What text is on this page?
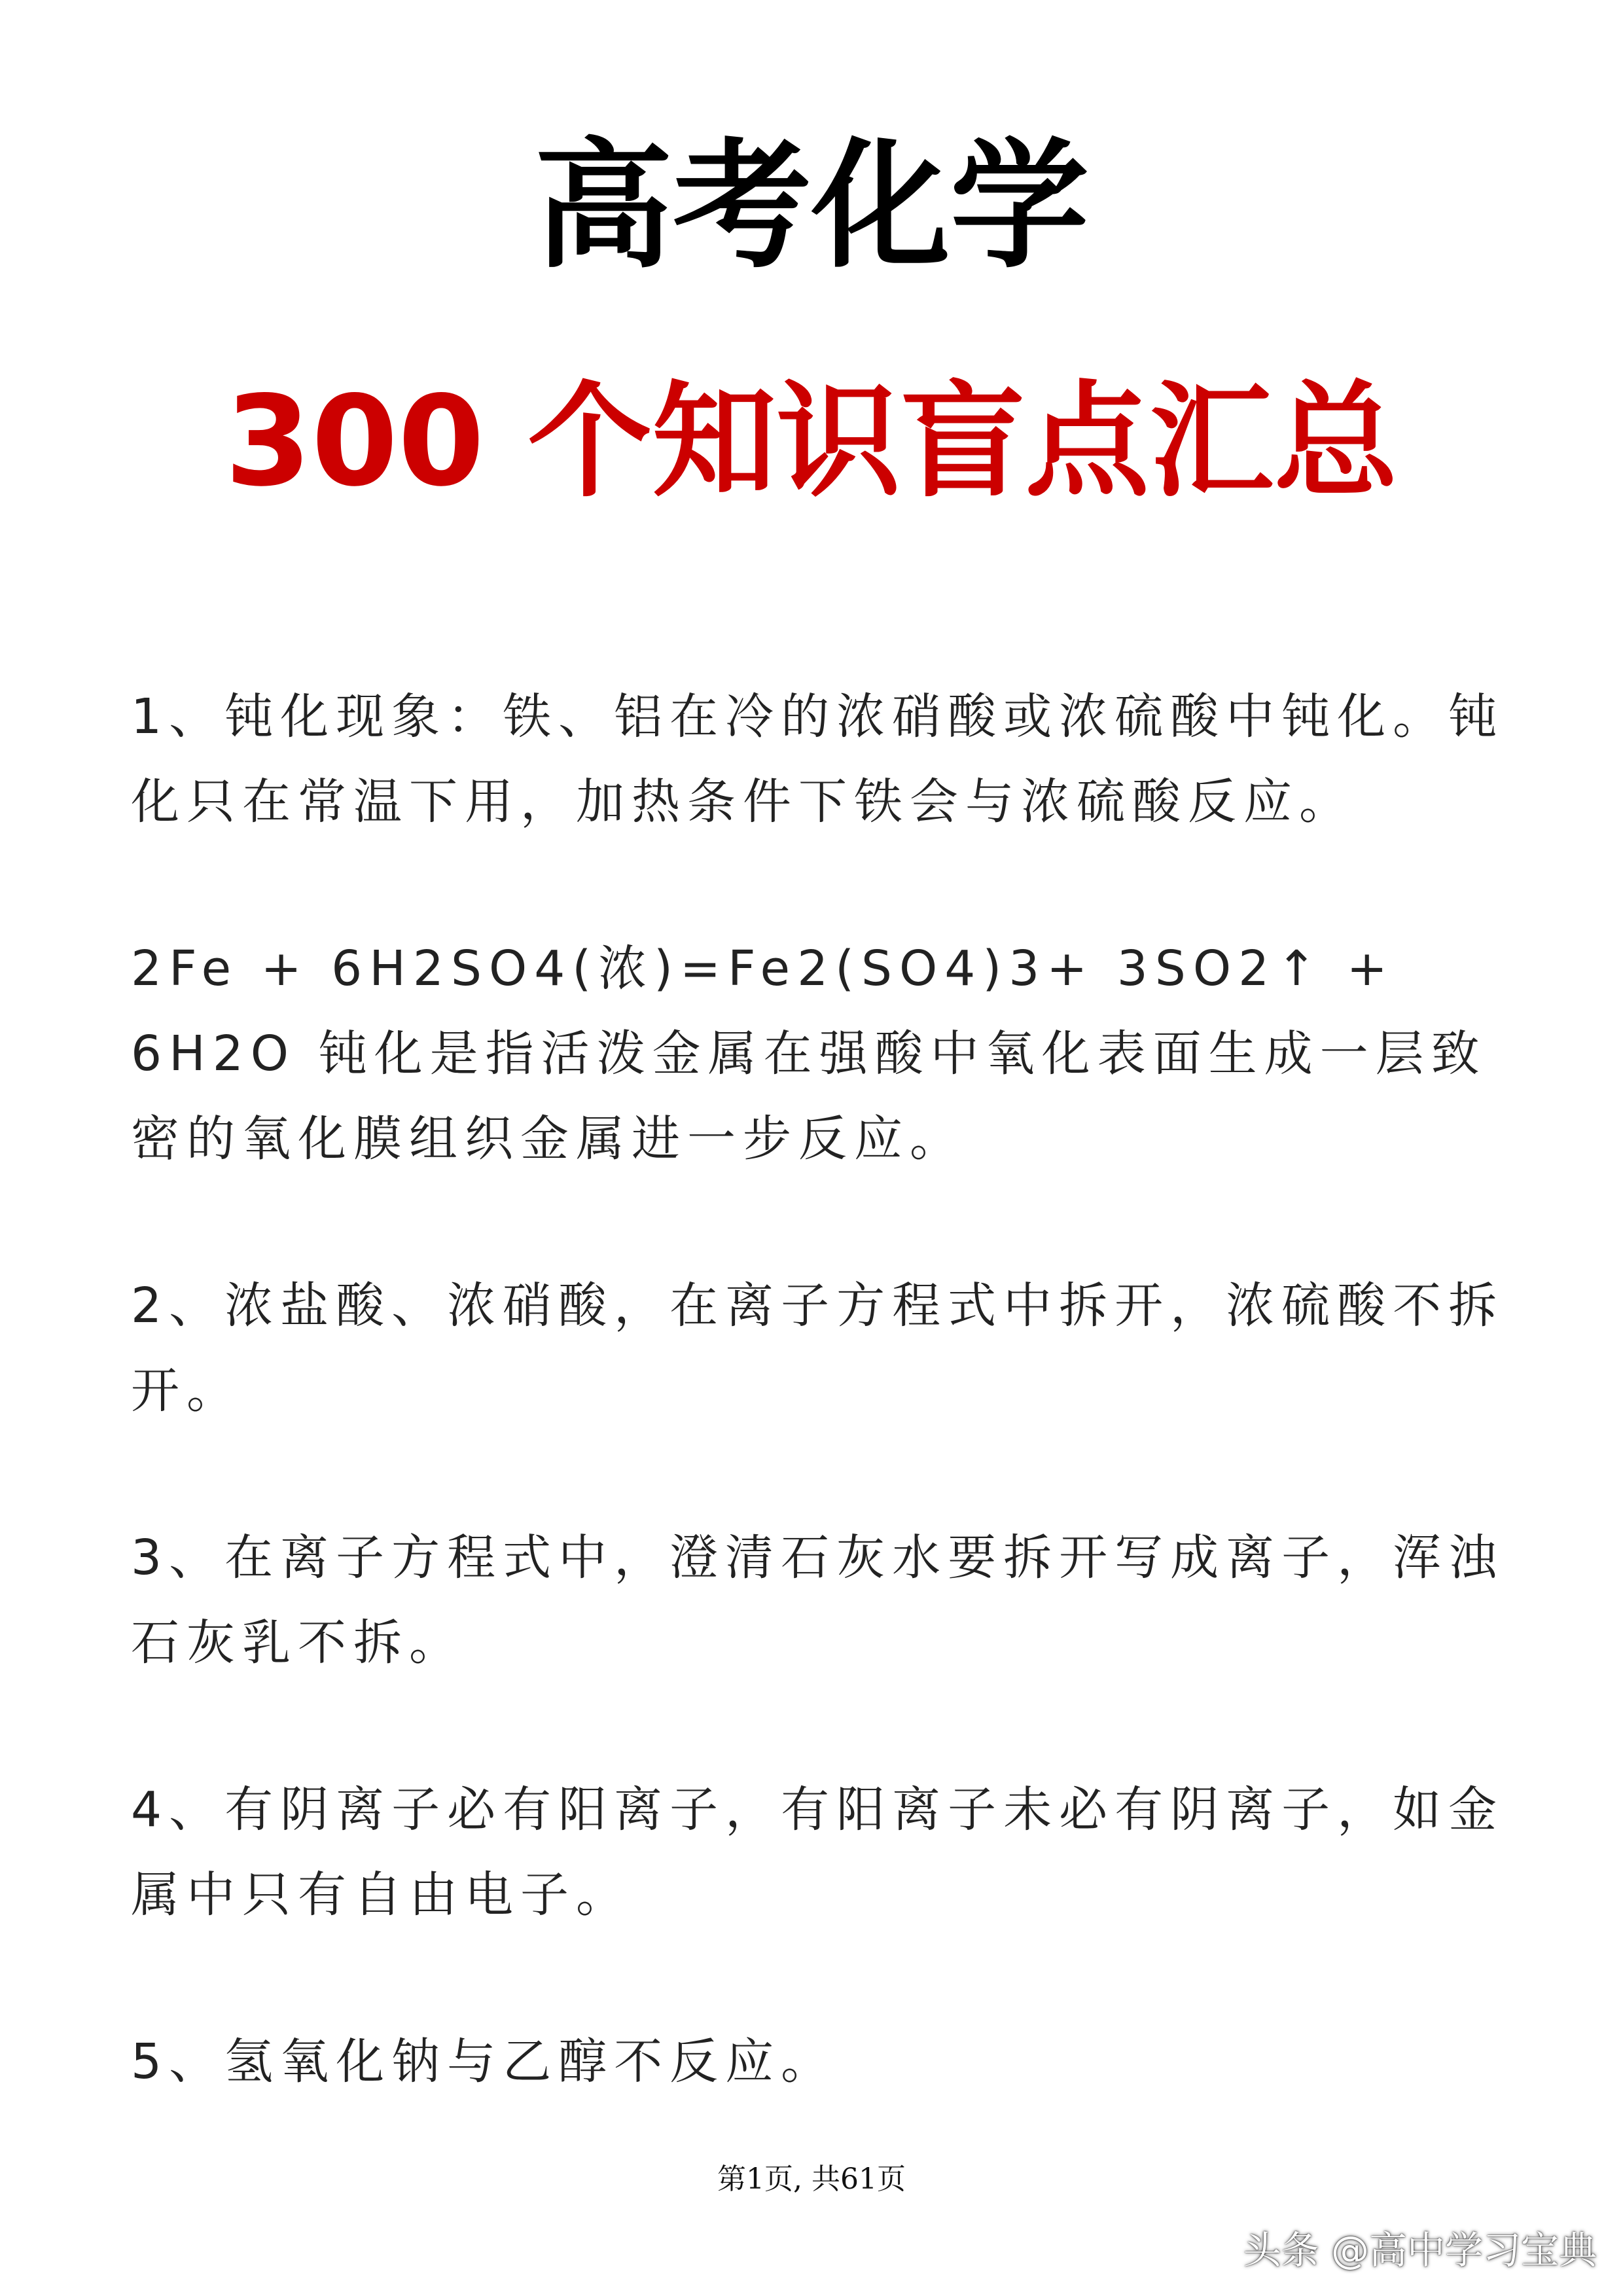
高考化学
300 个知识盲点汇总

1、钝化现象：铁、铝在冷的浓硝酸或浓硫酸中钝化。钝化只在常温下用，加热条件下铁会与浓硫酸反应。

2Fe + 6H2SO4(浓)=Fe2(SO4)3+ 3SO2↑ + 6H2O 钝化是指活泼金属在强酸中氧化表面生成一层致密的氧化膜组织金属进一步反应。

2、浓盐酸、浓硝酸，在离子方程式中拆开，浓硫酸不拆开。

3、在离子方程式中，澄清石灰水要拆开写成离子，浑浊石灰乳不拆。

4、有阴离子必有阳离子，有阳离子未必有阴离子，如金属中只有自由电子。

5、氢氧化钠与乙醇不反应。

第1页, 共61页
头条 @高中学习宝典
